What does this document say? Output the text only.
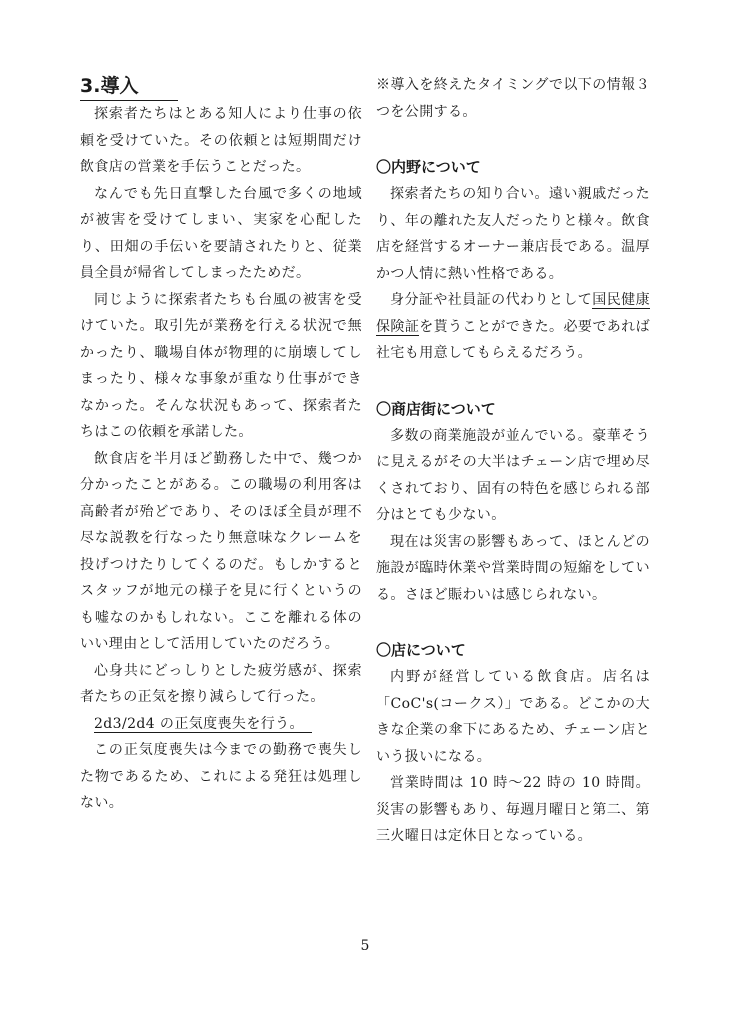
3.導入

探索者たちはとある知人により仕事の依頼を受けていた。その依頼とは短期間だけ飲食店の営業を手伝うことだった。

なんでも先日直撃した台風で多くの地域が被害を受けてしまい、実家を心配したり、田畑の手伝いを要請されたりと、従業員全員が帰省してしまったためだ。

同じように探索者たちも台風の被害を受けていた。取引先が業務を行える状況で無かったり、職場自体が物理的に崩壊してしまったり、様々な事象が重なり仕事ができなかった。そんな状況もあって、探索者たちはこの依頼を承諾した。

飲食店を半月ほど勤務した中で、幾つか分かったことがある。この職場の利用客は高齢者が殆どであり、そのほぼ全員が理不尽な説教を行なったり無意味なクレームを投げつけたりしてくるのだ。もしかするとスタッフが地元の様子を見に行くというのも嘘なのかもしれない。ここを離れる体のいい理由として活用していたのだろう。

心身共にどっしりとした疲労感が、探索者たちの正気を擦り減らして行った。

2d3/2d4 の正気度喪失を行う。

この正気度喪失は今までの勤務で喪失した物であるため、これによる発狂は処理しない。

※導入を終えたタイミングで以下の情報３つを公開する。

〇内野について

探索者たちの知り合い。遠い親戚だったり、年の離れた友人だったりと様々。飲食店を経営するオーナー兼店長である。温厚かつ人情に熱い性格である。

身分証や社員証の代わりとして国民健康保険証を貰うことができた。必要であれば社宅も用意してもらえるだろう。

〇商店街について

多数の商業施設が並んでいる。豪華そうに見えるがその大半はチェーン店で埋め尽くされており、固有の特色を感じられる部分はとても少ない。

現在は災害の影響もあって、ほとんどの施設が臨時休業や営業時間の短縮をしている。さほど賑わいは感じられない。

〇店について

内野が経営している飲食店。店名は「CoC's(コークス）」である。どこかの大きな企業の傘下にあるため、チェーン店という扱いになる。

営業時間は 10 時〜22 時の 10 時間。災害の影響もあり、毎週月曜日と第二、第三火曜日は定休日となっている。

5
